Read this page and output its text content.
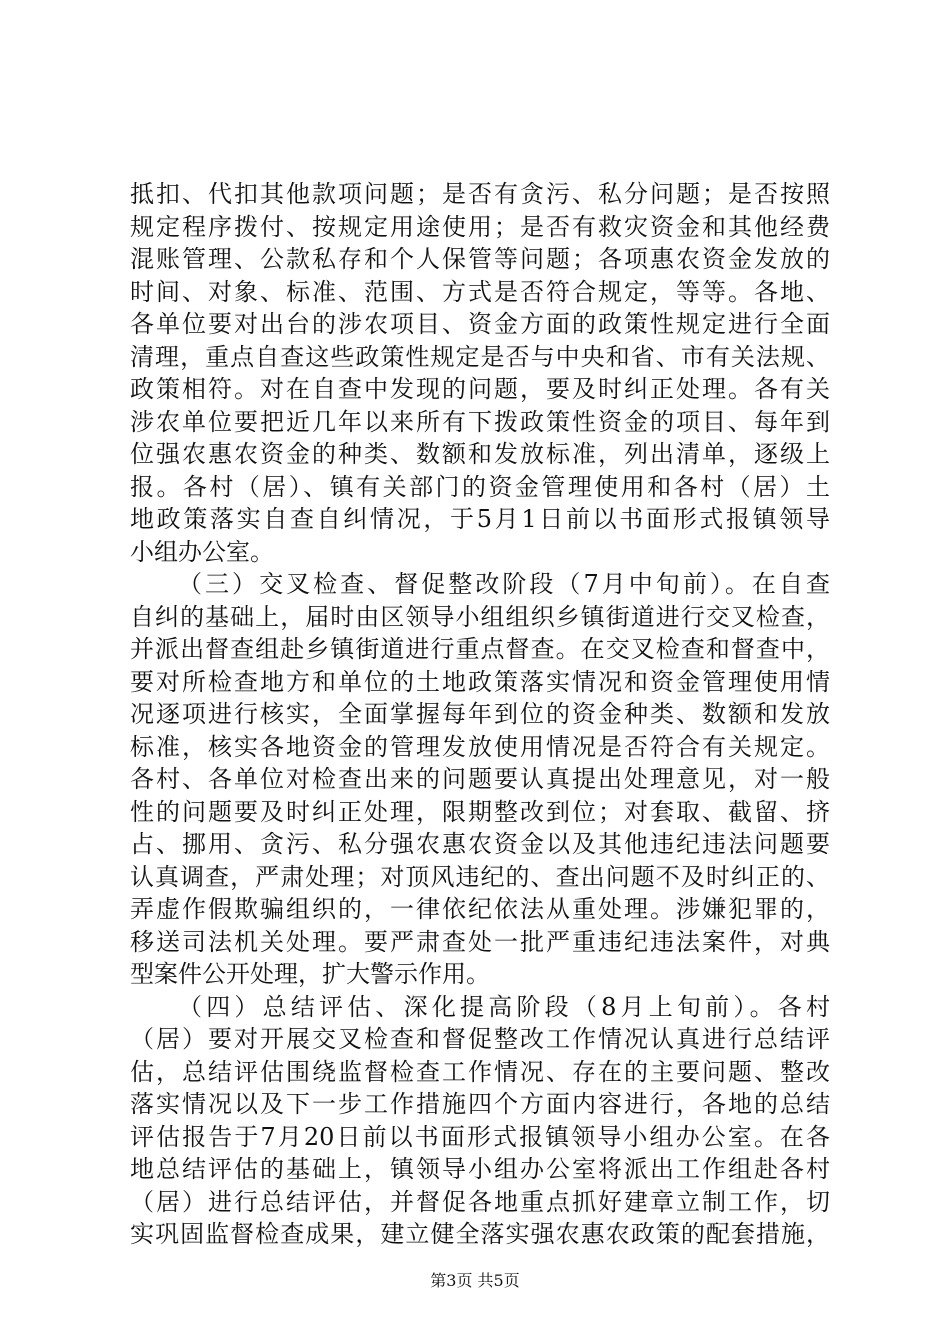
抵扣、代扣其他款项问题；是否有贪污、私分问题；是否按照
规定程序拨付、按规定用途使用；是否有救灾资金和其他经费
混账管理、公款私存和个人保管等问题；各项惠农资金发放的
时间、对象、标准、范围、方式是否符合规定，等等。各地、
各单位要对出台的涉农项目、资金方面的政策性规定进行全面
清理，重点自查这些政策性规定是否与中央和省、市有关法规、
政策相符。对在自查中发现的问题，要及时纠正处理。各有关
涉农单位要把近几年以来所有下拨政策性资金的项目、每年到
位强农惠农资金的种类、数额和发放标准，列出清单，逐级上
报。各村（居）、镇有关部门的资金管理使用和各村（居）土
地政策落实自查自纠情况，于5月1日前以书面形式报镇领导
小组办公室。
（三）交叉检查、督促整改阶段（7月中旬前）。在自查
自纠的基础上，届时由区领导小组组织乡镇街道进行交叉检查，
并派出督查组赴乡镇街道进行重点督查。在交叉检查和督查中，
要对所检查地方和单位的土地政策落实情况和资金管理使用情
况逐项进行核实，全面掌握每年到位的资金种类、数额和发放
标准，核实各地资金的管理发放使用情况是否符合有关规定。
各村、各单位对检查出来的问题要认真提出处理意见，对一般
性的问题要及时纠正处理，限期整改到位；对套取、截留、挤
占、挪用、贪污、私分强农惠农资金以及其他违纪违法问题要
认真调查，严肃处理；对顶风违纪的、查出问题不及时纠正的、
弄虚作假欺骗组织的，一律依纪依法从重处理。涉嫌犯罪的，
移送司法机关处理。要严肃查处一批严重违纪违法案件，对典
型案件公开处理，扩大警示作用。
（四）总结评估、深化提高阶段（8月上旬前）。各村
（居）要对开展交叉检查和督促整改工作情况认真进行总结评
估，总结评估围绕监督检查工作情况、存在的主要问题、整改
落实情况以及下一步工作措施四个方面内容进行，各地的总结
评估报告于7月20日前以书面形式报镇领导小组办公室。在各
地总结评估的基础上，镇领导小组办公室将派出工作组赴各村
（居）进行总结评估，并督促各地重点抓好建章立制工作，切
实巩固监督检查成果，建立健全落实强农惠农政策的配套措施，
第3页 共5页
